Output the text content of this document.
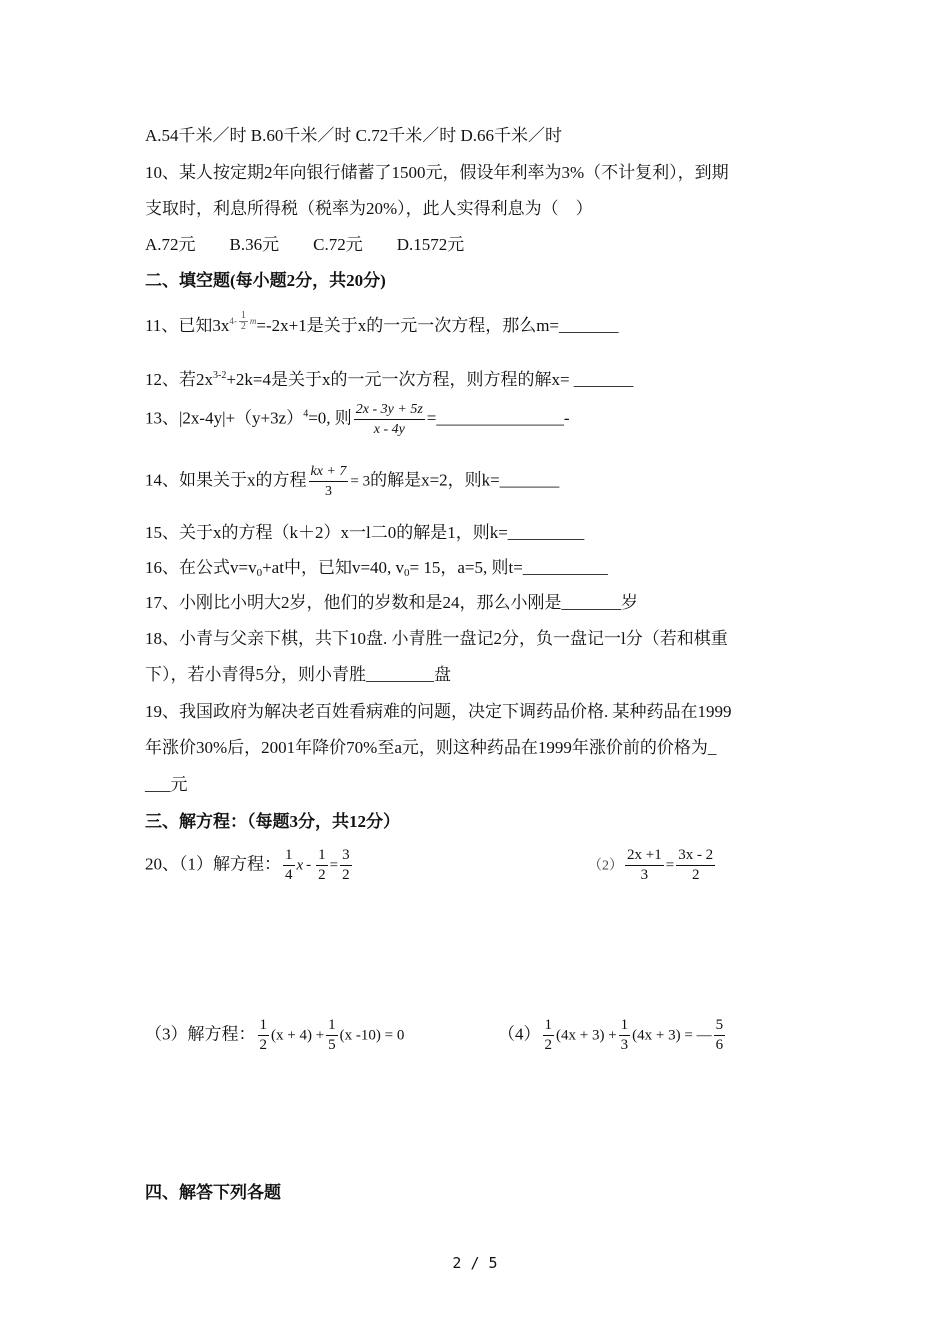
A.54千米／时 B.60千米／时 C.72千米／时 D.66千米／时
10、某人按定期2年向银行储蓄了1500元，假设年利率为3%（不计复利），到期
支取时，利息所得税（税率为20%），此人实得利息为（　）
A.72元　　B.36元　　C.72元　　D.1572元
二、填空题(每小题2分，共20分)
11、已知$3x^{4- \frac{1}{2} m}=-2x+1$是关于x的一元一次方程，那么m=_______
12、若$2x^{3-2}+2k=4$是关于x的一元一次方程，则方程的解x= _______
13、$|2x-4y|+(y+3z)^4=0$, 则 $\frac{2x - 3y + 5z}{x - 4y}$ =_______________-
14、如果关于x的方程 $\frac{kx + 7}{3} = 3$的解是x=2，则k=_______
15、关于x的方程（k＋2）x一l二0的解是1，则k=_________
16、在公式$v=v_0+at$中，已知v=40, $v_0= 15$，a=5, 则t=__________
17、小刚比小明大2岁，他们的岁数和是24，那么小刚是_______岁
18、小青与父亲下棋，共下10盘. 小青胜一盘记2分，负一盘记一l分（若和棋重
下），若小青得5分，则小青胜________盘
19、我国政府为解决老百姓看病难的问题，决定下调药品价格. 某种药品在1999
年涨价30%后，2001年降价70%至a元，则这种药品在1999年涨价前的价格为_
___元
三、解方程：（每题3分，共12分）
20、（1）解方程： $\frac{1}{4}$ $x - \frac{1}{2} = \frac{3}{2}$	$(2) \frac{2x +1}{3} = \frac{3x - 2}{2}$
（3）解方程： $\frac{1}{2} (x + 4) + \frac{1}{5} (x$ -10) = 0	$(4) \frac{1}{2} (4x + 3) + \frac{1}{3} (4x + 3)$ = — $\frac{5}{6}$
四、解答下列各题
2 / 5
